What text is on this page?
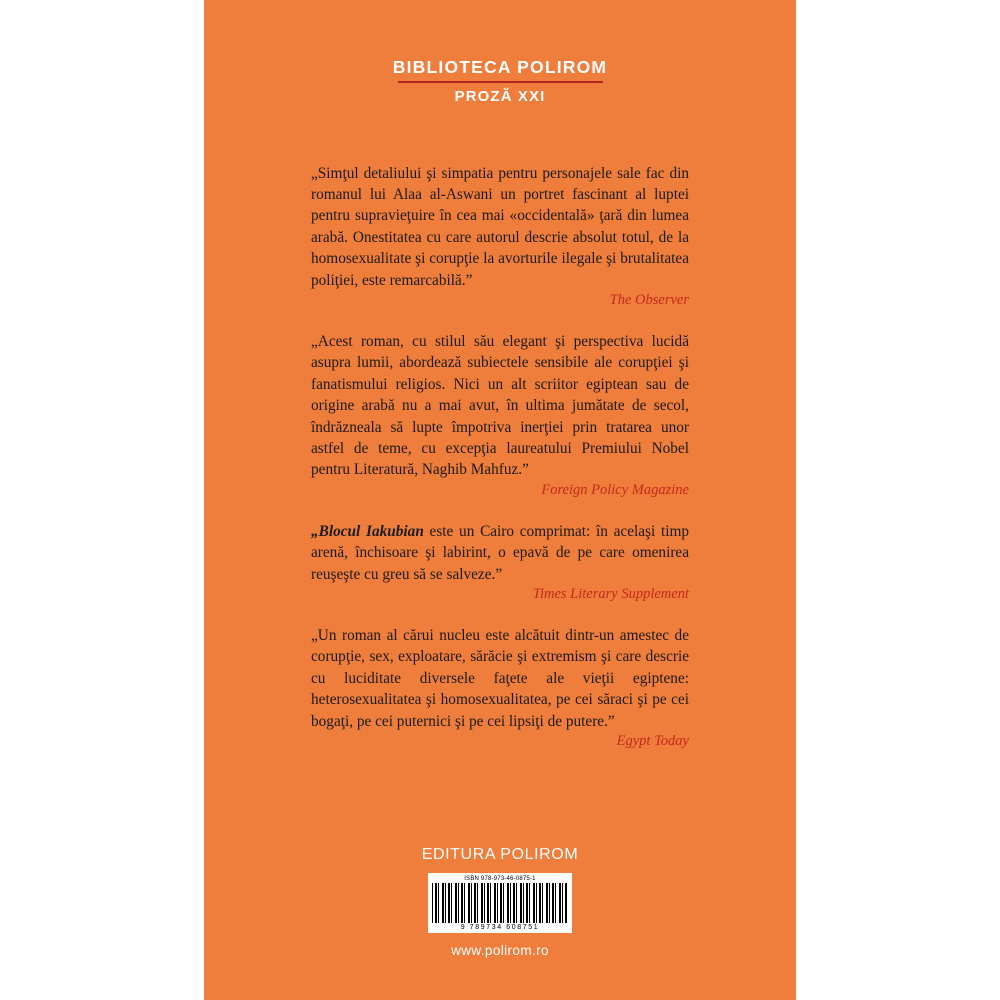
BIBLIOTECA POLIROM
PROZĂ XXI

„Simţul detaliului şi simpatia pentru personajele sale fac din romanul lui Alaa al-Aswani un portret fascinant al luptei pentru supravieţuire în cea mai «occidentală» ţară din lumea arabă. Onestitatea cu care autorul descrie absolut totul, de la homosexualitate şi corupţie la avorturile ilegale şi brutalitatea poliţiei, este remarcabilă.”

The Observer

„Acest roman, cu stilul său elegant şi perspectiva lucidă asupra lumii, abordează subiectele sensibile ale corupţiei şi fanatismului religios. Nici un alt scriitor egiptean sau de origine arabă nu a mai avut, în ultima jumătate de secol, îndrăzneala să lupte împotriva inerţiei prin tratarea unor astfel de teme, cu excepţia laureatului Premiului Nobel pentru Literatură, Naghib Mahfuz.”

Foreign Policy Magazine

„Blocul Iakubian este un Cairo comprimat: în acelaşi timp arenă, închisoare şi labirint, o epavă de pe care omenirea reuşeşte cu greu să se salveze.”

Times Literary Supplement

„Un roman al cărui nucleu este alcătuit dintr-un amestec de corupţie, sex, exploatare, sărăcie şi extremism şi care descrie cu luciditate diversele faţete ale vieţii egiptene: heterosexualitatea şi homosexualitatea, pe cei săraci şi pe cei bogaţi, pe cei puternici şi pe cei lipsiţi de putere.”

Egypt Today
EDITURA POLIROM
ISBN 978-973-46-0875-1
9 789734 608751
www.polirom.ro
